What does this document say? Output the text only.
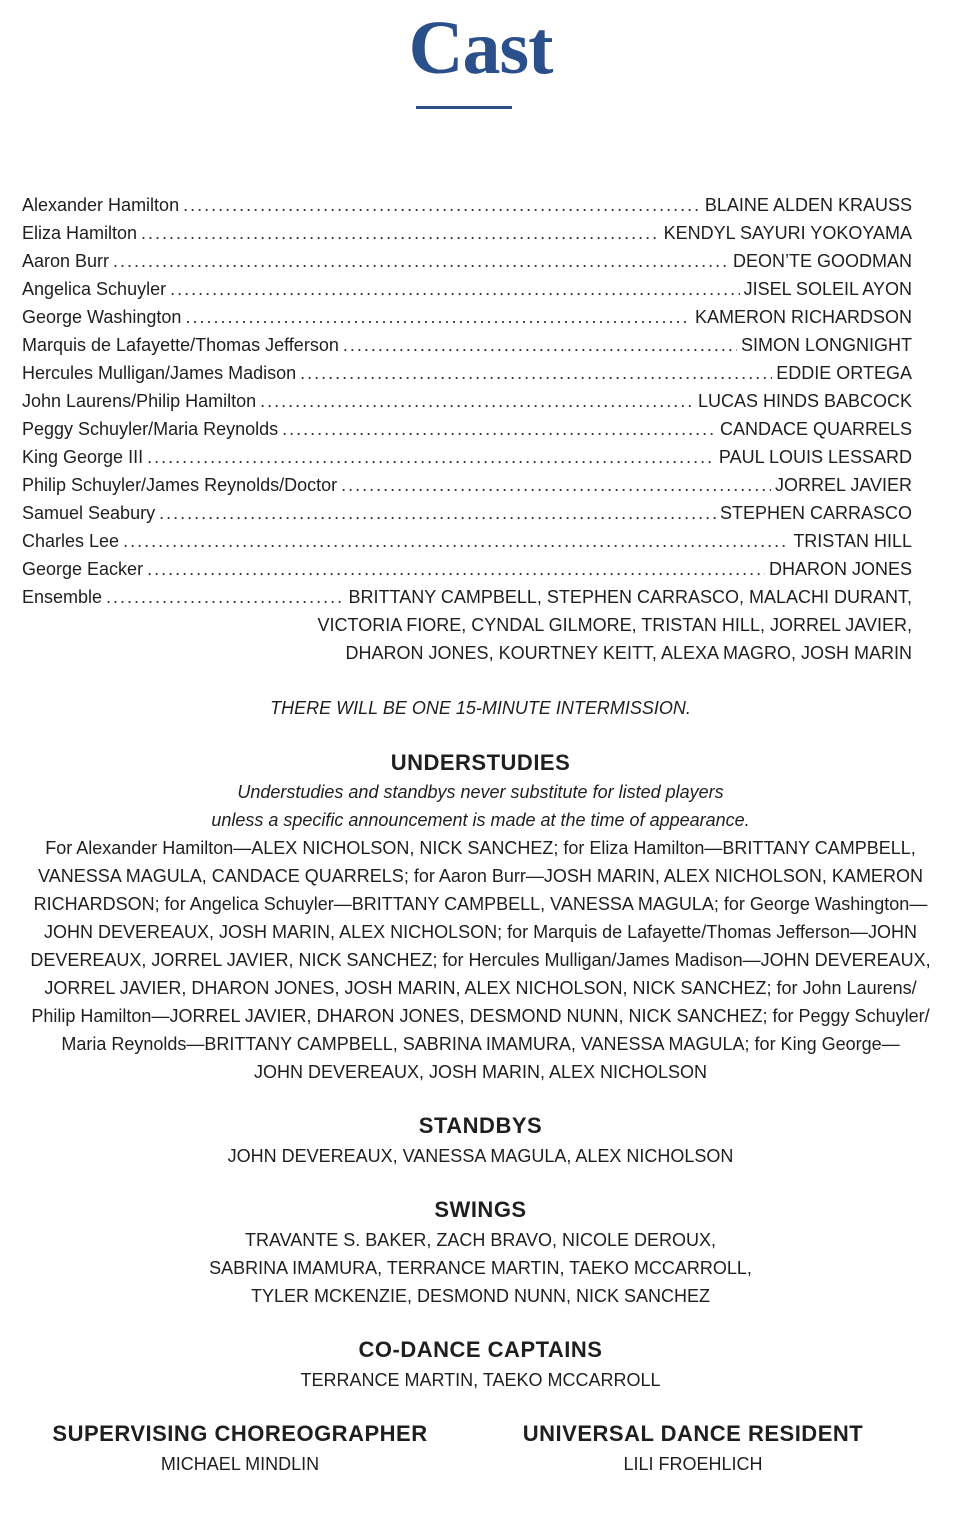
Cast
Alexander Hamilton .....	BLAINE ALDEN KRAUSS
Eliza Hamilton .....	KENDYL SAYURI YOKOYAMA
Aaron Burr .....	DEON’TE GOODMAN
Angelica Schuyler .....	JISEL SOLEIL AYON
George Washington .....	KAMERON RICHARDSON
Marquis de Lafayette/Thomas Jefferson .....	SIMON LONGNIGHT
Hercules Mulligan/James Madison .....	EDDIE ORTEGA
John Laurens/Philip Hamilton .....	LUCAS HINDS BABCOCK
Peggy Schuyler/Maria Reynolds .....	CANDACE QUARRELS
King George III .....	PAUL LOUIS LESSARD
Philip Schuyler/James Reynolds/Doctor .....	JORREL JAVIER
Samuel Seabury .....	STEPHEN CARRASCO
Charles Lee .....	TRISTAN HILL
George Eacker .....	DHARON JONES
Ensemble .....	BRITTANY CAMPBELL, STEPHEN CARRASCO, MALACHI DURANT,
VICTORIA FIORE, CYNDAL GILMORE, TRISTAN HILL, JORREL JAVIER,
DHARON JONES, KOURTNEY KEITT, ALEXA MAGRO, JOSH MARIN
THERE WILL BE ONE 15-MINUTE INTERMISSION.
UNDERSTUDIES
Understudies and standbys never substitute for listed players
unless a specific announcement is made at the time of appearance.
For Alexander Hamilton—ALEX NICHOLSON, NICK SANCHEZ; for Eliza Hamilton—BRITTANY CAMPBELL,
VANESSA MAGULA, CANDACE QUARRELS; for Aaron Burr—JOSH MARIN, ALEX NICHOLSON, KAMERON
RICHARDSON; for Angelica Schuyler—BRITTANY CAMPBELL, VANESSA MAGULA; for George Washington—
JOHN DEVEREAUX, JOSH MARIN, ALEX NICHOLSON; for Marquis de Lafayette/Thomas Jefferson—JOHN
DEVEREAUX, JORREL JAVIER, NICK SANCHEZ; for Hercules Mulligan/James Madison—JOHN DEVEREAUX,
JORREL JAVIER, DHARON JONES, JOSH MARIN, ALEX NICHOLSON, NICK SANCHEZ; for John Laurens/
Philip Hamilton—JORREL JAVIER, DHARON JONES, DESMOND NUNN, NICK SANCHEZ; for Peggy Schuyler/
Maria Reynolds—BRITTANY CAMPBELL, SABRINA IMAMURA, VANESSA MAGULA; for King George—
JOHN DEVEREAUX, JOSH MARIN, ALEX NICHOLSON
STANDBYS
JOHN DEVEREAUX, VANESSA MAGULA, ALEX NICHOLSON
SWINGS
TRAVANTE S. BAKER, ZACH BRAVO, NICOLE DEROUX,
SABRINA IMAMURA, TERRANCE MARTIN, TAEKO MCCARROLL,
TYLER MCKENZIE, DESMOND NUNN, NICK SANCHEZ
CO-DANCE CAPTAINS
TERRANCE MARTIN, TAEKO MCCARROLL
SUPERVISING CHOREOGRAPHER
MICHAEL MINDLIN
UNIVERSAL DANCE RESIDENT
LILI FROEHLICH
